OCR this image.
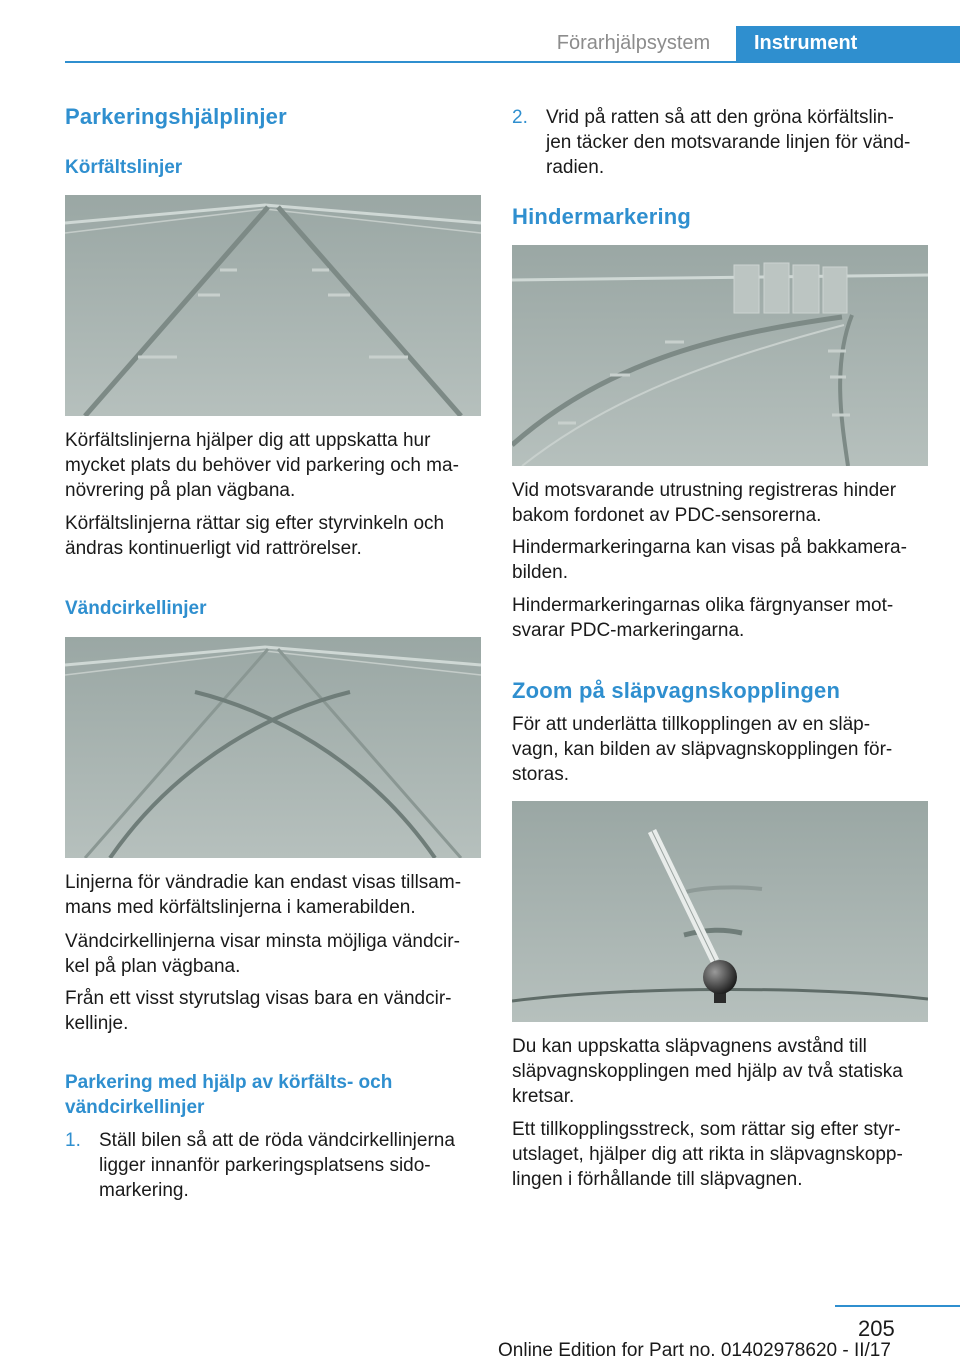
Förarhjälpsystem	Instrument
Parkeringshjälplinjer
Körfältslinjer
Körfältslinjerna hjälper dig att uppskatta hur
mycket plats du behöver vid parkering och ma-
növrering på plan vägbana.
Körfältslinjerna rättar sig efter styrvinkeln och
ändras kontinuerligt vid rattrörelser.
Vändcirkellinjer
Linjerna för vändradie kan endast visas tillsam-
mans med körfältslinjerna i kamerabilden.
Vändcirkellinjerna visar minsta möjliga vändcir-
kel på plan vägbana.
Från ett visst styrutslag visas bara en vändcir-
kellinje.
Parkering med hjälp av körfälts- och
vändcirkellinjer
1. Ställ bilen så att de röda vändcirkellinjerna
ligger innanför parkeringsplatsens sido-
markering.
2. Vrid på ratten så att den gröna körfältslin-
jen täcker den motsvarande linjen för vänd-
radien.
Hindermarkering
Vid motsvarande utrustning registreras hinder
bakom fordonet av PDC-sensorerna.
Hindermarkeringarna kan visas på bakkamera-
bilden.
Hindermarkeringarnas olika färgnyanser mot-
svarar PDC-markeringarna.
Zoom på släpvagnskopplingen
För att underlätta tillkopplingen av en släp-
vagn, kan bilden av släpvagnskopplingen för-
storas.
Du kan uppskatta släpvagnens avstånd till
släpvagnskopplingen med hjälp av två statiska
kretsar.
Ett tillkopplingsstreck, som rättar sig efter styr-
utslaget, hjälper dig att rikta in släpvagnskopp-
lingen i förhållande till släpvagnen.
205
Online Edition for Part no. 01402978620 - II/17
